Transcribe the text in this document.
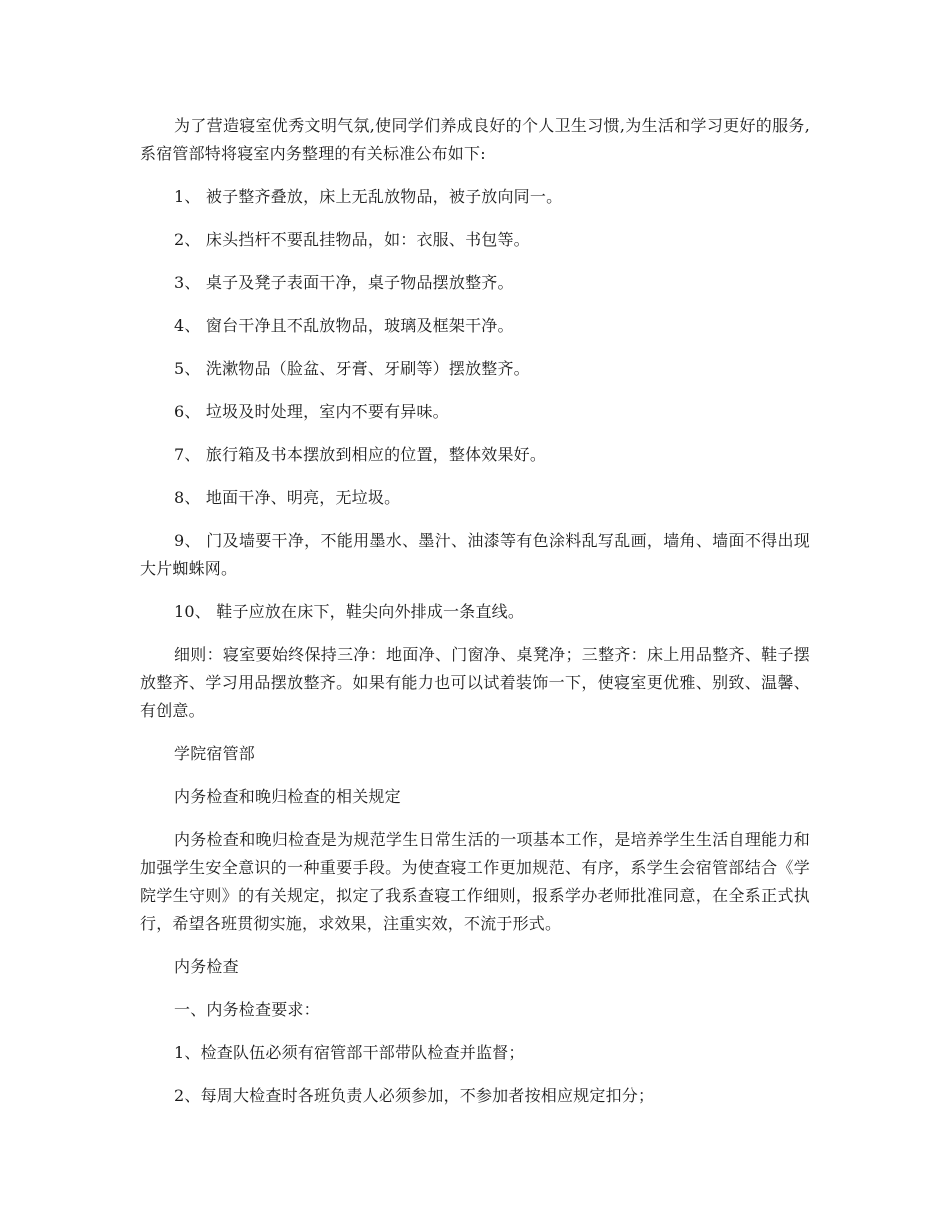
为了营造寝室优秀文明气氛,使同学们养成良好的个人卫生习惯,为生活和学习更好的服务,系宿管部特将寝室内务整理的有关标准公布如下:

1、 被子整齐叠放，床上无乱放物品，被子放向同一。

2、 床头挡杆不要乱挂物品，如：衣服、书包等。

3、 桌子及凳子表面干净，桌子物品摆放整齐。

4、 窗台干净且不乱放物品，玻璃及框架干净。

5、 洗漱物品（脸盆、牙膏、牙刷等）摆放整齐。

6、 垃圾及时处理，室内不要有异味。

7、 旅行箱及书本摆放到相应的位置，整体效果好。

8、 地面干净、明亮，无垃圾。

9、 门及墙要干净，不能用墨水、墨汁、油漆等有色涂料乱写乱画，墙角、墙面不得出现大片蜘蛛网。

10、 鞋子应放在床下，鞋尖向外排成一条直线。

细则：寝室要始终保持三净：地面净、门窗净、桌凳净；三整齐：床上用品整齐、鞋子摆放整齐、学习用品摆放整齐。如果有能力也可以试着装饰一下，使寝室更优雅、别致、温馨、有创意。

学院宿管部

内务检查和晚归检查的相关规定

内务检查和晚归检查是为规范学生日常生活的一项基本工作，是培养学生生活自理能力和加强学生安全意识的一种重要手段。为使查寝工作更加规范、有序，系学生会宿管部结合《学院学生守则》的有关规定，拟定了我系查寝工作细则，报系学办老师批准同意，在全系正式执行，希望各班贯彻实施，求效果，注重实效，不流于形式。

内务检查

一、内务检查要求：

1、检查队伍必须有宿管部干部带队检查并监督；

2、每周大检查时各班负责人必须参加，不参加者按相应规定扣分；
